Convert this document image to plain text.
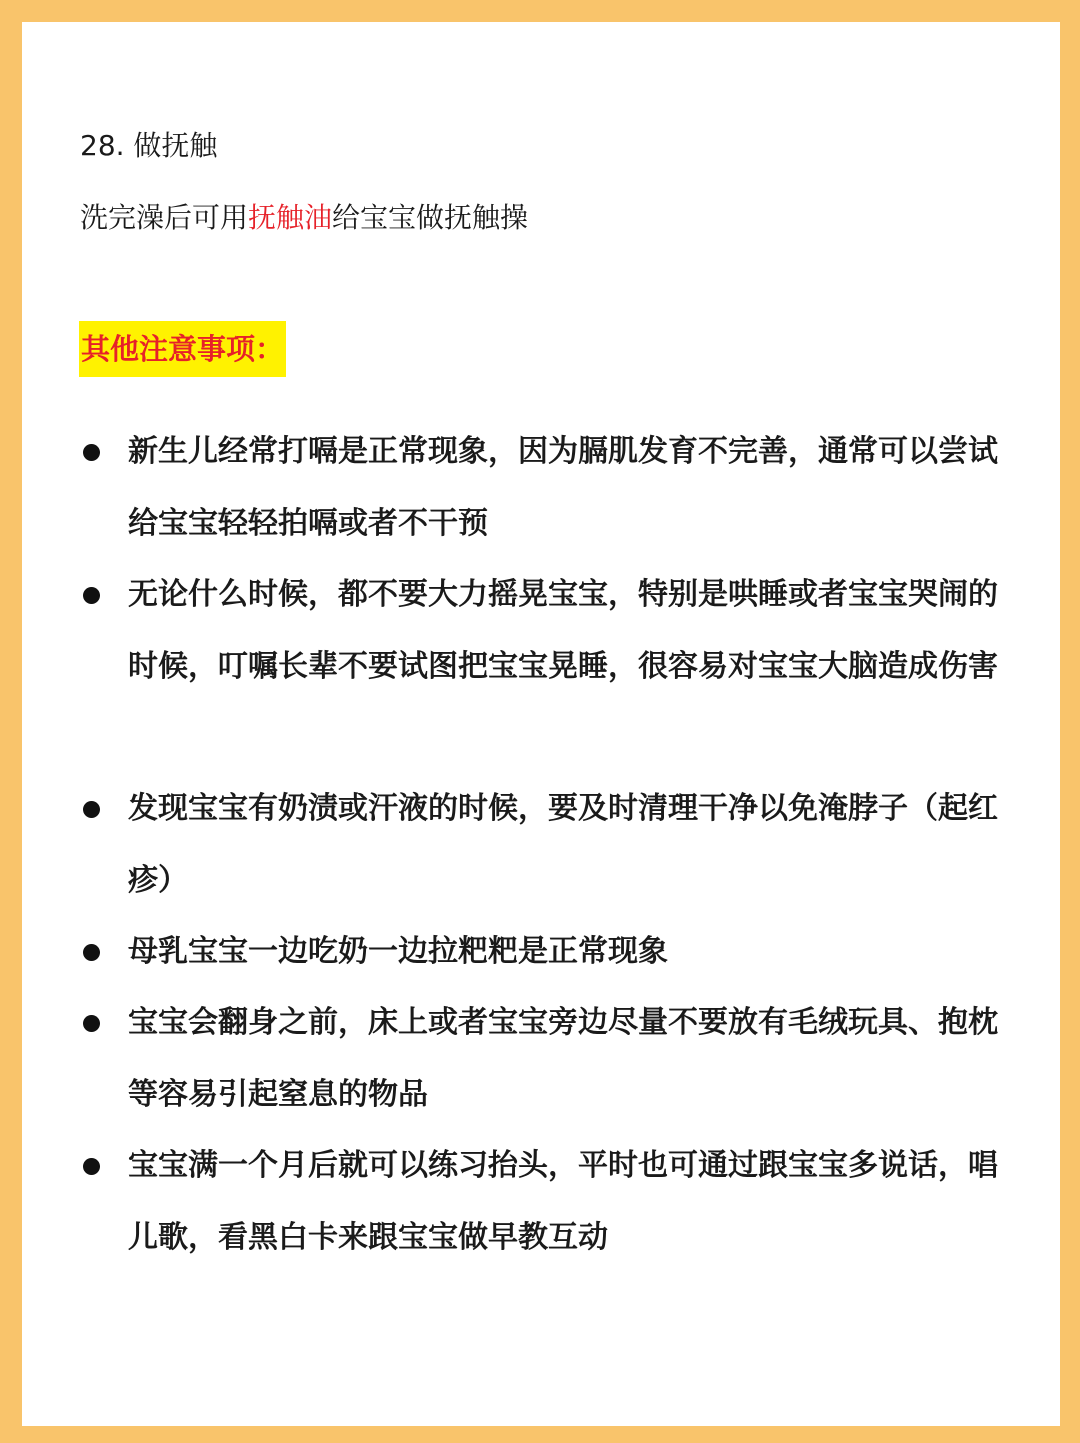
28. 做抚触
洗完澡后可用抚触油给宝宝做抚触操
其他注意事项：

新生儿经常打嗝是正常现象，因为膈肌发育不完善，通常可以尝试给宝宝轻轻拍嗝或者不干预

无论什么时候，都不要大力摇晃宝宝，特别是哄睡或者宝宝哭闹的时候，叮嘱长辈不要试图把宝宝晃睡，很容易对宝宝大脑造成伤害

发现宝宝有奶渍或汗液的时候，要及时清理干净以免淹脖子（起红疹）

母乳宝宝一边吃奶一边拉粑粑是正常现象

宝宝会翻身之前，床上或者宝宝旁边尽量不要放有毛绒玩具、抱枕等容易引起窒息的物品

宝宝满一个月后就可以练习抬头，平时也可通过跟宝宝多说话，唱儿歌，看黑白卡来跟宝宝做早教互动
